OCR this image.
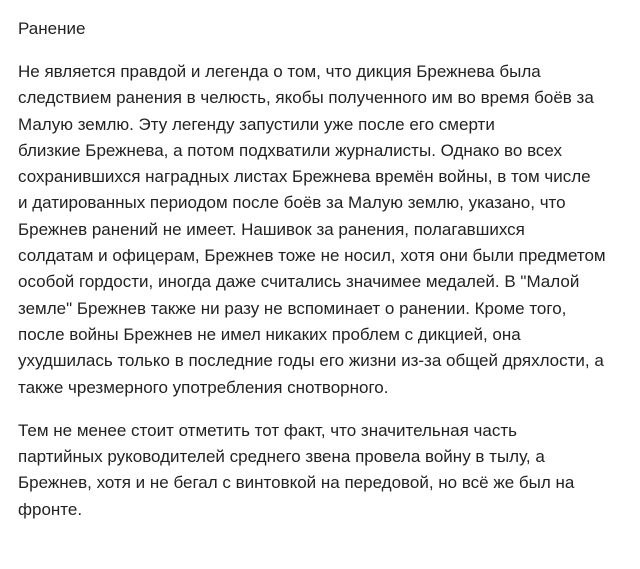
Ранение

Не является правдой и легенда о том, что дикция Брежнева была
следствием ранения в челюсть, якобы полученного им во время боёв за
Малую землю. Эту легенду запустили уже после его смерти
близкие Брежнева, а потом подхватили журналисты. Однако во всех
сохранившихся наградных листах Брежнева времён войны, в том числе
и датированных периодом после боёв за Малую землю, указано, что
Брежнев ранений не имеет. Нашивок за ранения, полагавшихся
солдатам и офицерам, Брежнев тоже не носил, хотя они были предметом
особой гордости, иногда даже считались значимее медалей. В "Малой
земле" Брежнев также ни разу не вспоминает о ранении. Кроме того,
после войны Брежнев не имел никаких проблем с дикцией, она
ухудшилась только в последние годы его жизни из-за общей дряхлости, а
также чрезмерного употребления снотворного.

Тем не менее стоит отметить тот факт, что значительная часть
партийных руководителей среднего звена провела войну в тылу, а
Брежнев, хотя и не бегал с винтовкой на передовой, но всё же был на
фронте.
